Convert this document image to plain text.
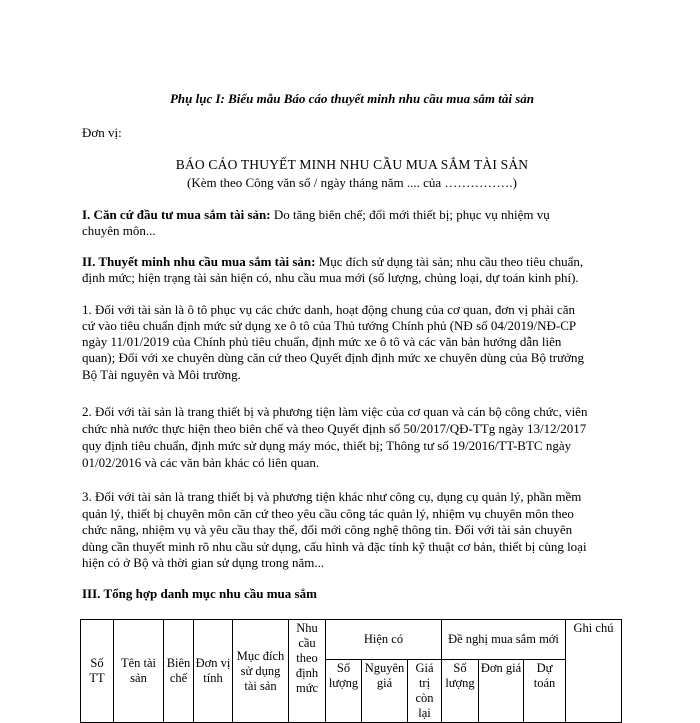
Phụ lục I: Biểu mẫu Báo cáo thuyết minh nhu cầu mua sắm tài sản
Đơn vị:
BÁO CÁO THUYẾT MINH NHU CẦU MUA SẮM TÀI SẢN
(Kèm theo Công văn số / ngày tháng năm .... của …………….)
I. Căn cứ đầu tư mua sắm tài sản: Do tăng biên chế; đổi mới thiết bị; phục vụ nhiệm vụ
chuyên môn...
II. Thuyết minh nhu cầu mua sắm tài sản: Mục đích sử dụng tài sản; nhu cầu theo tiêu chuẩn,
định mức; hiện trạng tài sản hiện có, nhu cầu mua mới (số lượng, chủng loại, dự toán kinh phí).
1. Đối với tài sản là ô tô phục vụ các chức danh, hoạt động chung của cơ quan, đơn vị phải căn
cứ vào tiêu chuẩn định mức sử dụng xe ô tô của Thủ tướng Chính phủ (NĐ số 04/2019/NĐ-CP
ngày 11/01/2019 của Chính phủ tiêu chuẩn, định mức xe ô tô và các văn bản hướng dẫn liên
quan); Đối với xe chuyên dùng căn cứ theo Quyết định định mức xe chuyên dùng của Bộ trưởng
Bộ Tài nguyên và Môi trường.
2. Đối với tài sản là trang thiết bị và phương tiện làm việc của cơ quan và cán bộ công chức, viên
chức nhà nước thực hiện theo biên chế và theo Quyết định số 50/2017/QĐ-TTg ngày 13/12/2017
quy định tiêu chuẩn, định mức sử dụng máy móc, thiết bị; Thông tư số 19/2016/TT-BTC ngày
01/02/2016 và các văn bản khác có liên quan.
3. Đối với tài sản là trang thiết bị và phương tiện khác như công cụ, dụng cụ quản lý, phần mềm
quản lý, thiết bị chuyên môn căn cứ theo yêu cầu công tác quản lý, nhiệm vụ chuyên môn theo
chức năng, nhiệm vụ và yêu cầu thay thế, đổi mới công nghệ thông tin. Đối với tài sản chuyên
dùng cần thuyết minh rõ nhu cầu sử dụng, cấu hình và đặc tính kỹ thuật cơ bản, thiết bị cùng loại
hiện có ở Bộ và thời gian sử dụng trong năm...
III. Tổng hợp danh mục nhu cầu mua sắm
Số TT	Tên tài sản	Biên chế	Đơn vị tính	Mục đích sử dụng tài sản	Nhu cầu theo định mức	Hiện có			Đề nghị mua sắm mới			Ghi chú
						Số lượng	Nguyên giá	Giá trị còn lại	Số lượng	Đơn giá	Dự toán	
